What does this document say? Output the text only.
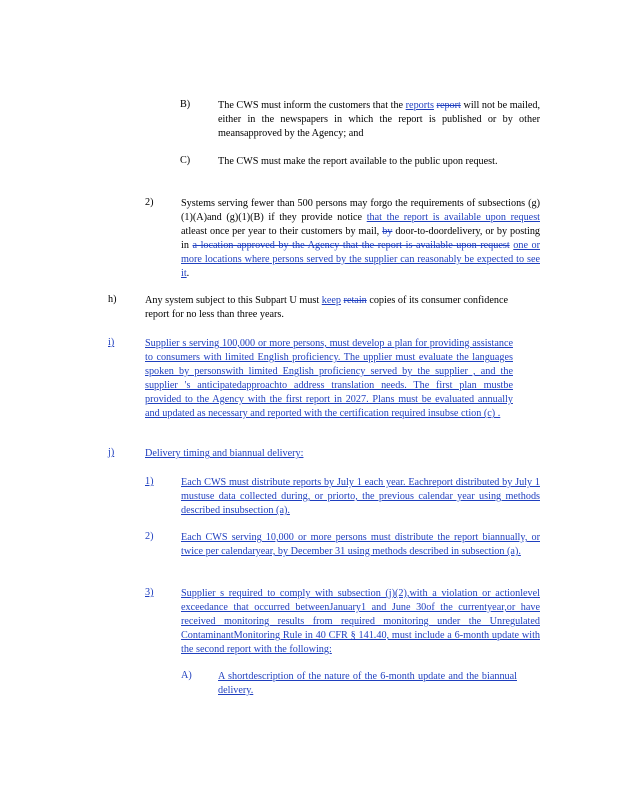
B)	The CWS must inform the customers that the reports report will not be mailed, either in the newspapers in which the report is published or by other meansapproved by the Agency; and
C)	The CWS must make the report available to the public upon request.
2)	Systems serving fewer than 500 persons may forgo the requirements of subsections (g)(1)(A)and (g)(1)(B) if they provide notice that the report is available upon request atleast once per year to their customers by mail, by door-to-doordelivery, or by posting in a location approved by the Agency that the report is available upon request one or more locations where persons served by the supplier can reasonably be expected to see it.
h)	Any system subject to this Subpart U must keep retain copies of its consumer confidence report for no less than three years.
i)	Supplier s serving 100,000 or more persons, must develop a plan for providing assistance to consumers with limited English proficiency. The upplier must evaluate the languages spoken by personswith limited English proficiency served by the supplier , and the supplier 's anticipatedapproachto address translation needs. The first plan mustbe provided to the Agency with the first report in 2027. Plans must be evaluated annually and updated as necessary and reported with the certification required insubse ction (c) .
j)	Delivery timing and biannual delivery:
1)	Each CWS must distribute reports by July 1 each year. Eachreport distributed by July 1 mustuse data collected during, or priorto, the previous calendar year using methods described insubsection (a).
2)	Each CWS serving 10,000 or more persons must distribute the report biannually, or twice per calendaryear, by December 31 using methods described in subsection (a).
3)	Supplier s required to comply with subsection (j)(2),with a violation or actionlevel exceedance that occurred betweenJanuary1 and June 30of the currentyear,or have received monitoring results from required monitoring under the Unregulated ContaminantMonitoring Rule in 40 CFR § 141.40, must include a 6-month update with the second report with the following:
A)	A shortdescription of the nature of the 6-month update and the biannual delivery.
